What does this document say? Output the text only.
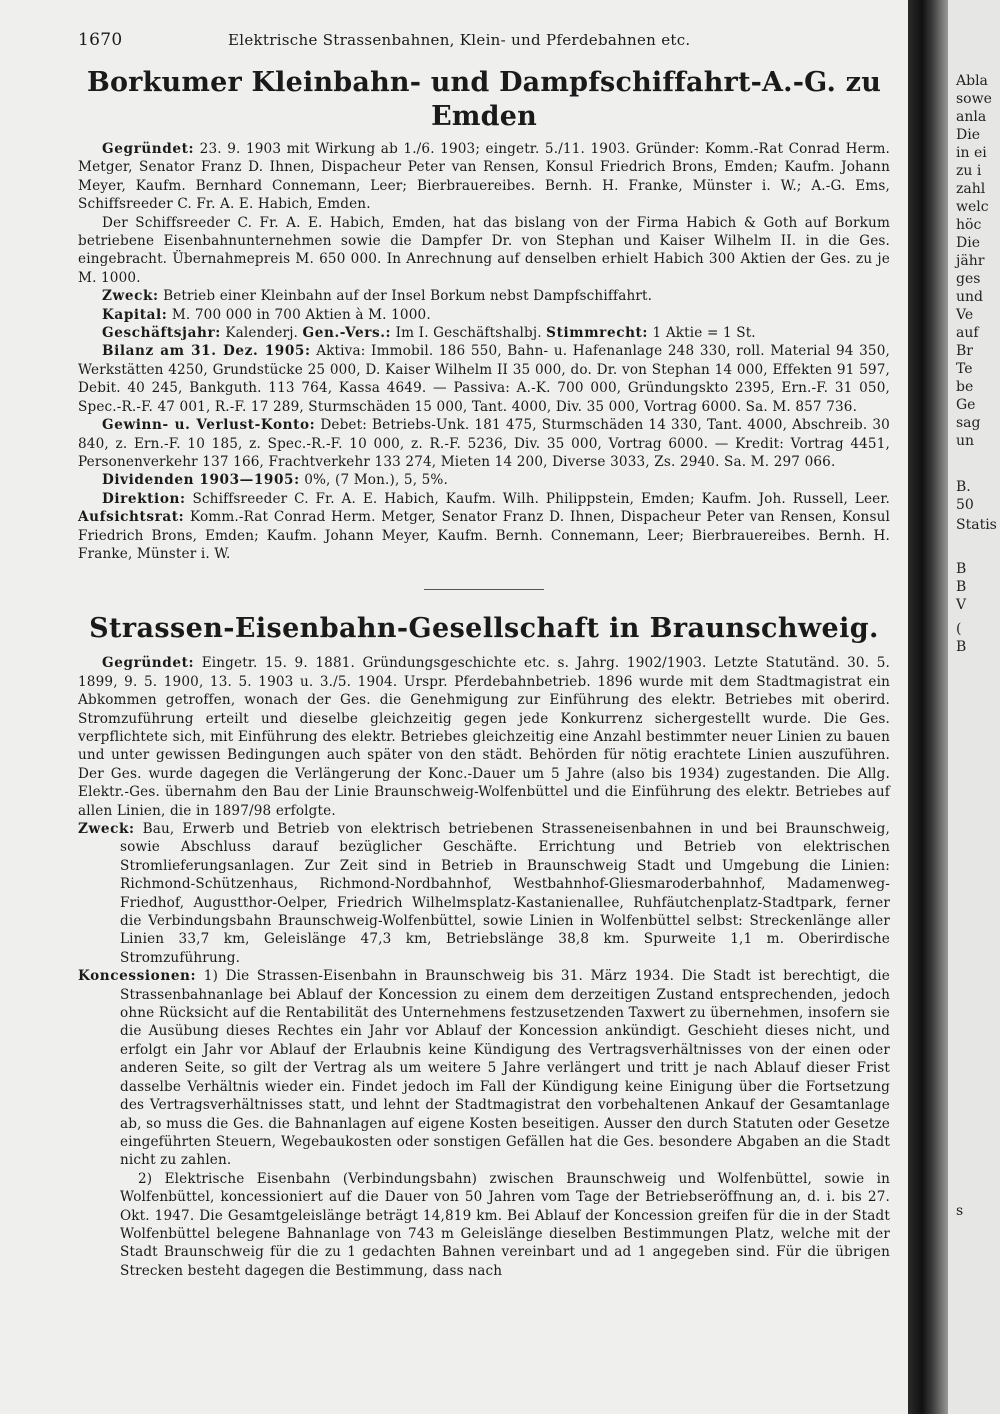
1670	Elektrische Strassenbahnen, Klein- und Pferdebahnen etc.
Borkumer Kleinbahn- und Dampfschiffahrt-A.-G. zu Emden

Gegründet: 23. 9. 1903 mit Wirkung ab 1./6. 1903; eingetr. 5./11. 1903. Gründer: Komm.-Rat Conrad Herm. Metger, Senator Franz D. Ihnen, Dispacheur Peter van Rensen, Konsul Friedrich Brons, Emden; Kaufm. Johann Meyer, Kaufm. Bernhard Connemann, Leer; Bierbrauereibes. Bernh. H. Franke, Münster i. W.; A.-G. Ems, Schiffsreeder C. Fr. A. E. Habich, Emden.

Der Schiffsreeder C. Fr. A. E. Habich, Emden, hat das bislang von der Firma Habich & Goth auf Borkum betriebene Eisenbahnunternehmen sowie die Dampfer Dr. von Stephan und Kaiser Wilhelm II. in die Ges. eingebracht. Übernahmepreis M. 650 000. In Anrechnung auf denselben erhielt Habich 300 Aktien der Ges. zu je M. 1000.

Zweck: Betrieb einer Kleinbahn auf der Insel Borkum nebst Dampfschiffahrt.

Kapital: M. 700 000 in 700 Aktien à M. 1000.

Geschäftsjahr: Kalenderj. Gen.-Vers.: Im I. Geschäftshalbj. Stimmrecht: 1 Aktie = 1 St.

Bilanz am 31. Dez. 1905: Aktiva: Immobil. 186 550, Bahn- u. Hafenanlage 248 330, roll. Material 94 350, Werkstätten 4250, Grundstücke 25 000, D. Kaiser Wilhelm II 35 000, do. Dr. von Stephan 14 000, Effekten 91 597, Debit. 40 245, Bankguth. 113 764, Kassa 4649. — Passiva: A.-K. 700 000, Gründungskto 2395, Ern.-F. 31 050, Spec.-R.-F. 47 001, R.-F. 17 289, Sturmschäden 15 000, Tant. 4000, Div. 35 000, Vortrag 6000. Sa. M. 857 736.

Gewinn- u. Verlust-Konto: Debet: Betriebs-Unk. 181 475, Sturmschäden 14 330, Tant. 4000, Abschreib. 30 840, z. Ern.-F. 10 185, z. Spec.-R.-F. 10 000, z. R.-F. 5236, Div. 35 000, Vortrag 6000. — Kredit: Vortrag 4451, Personenverkehr 137 166, Frachtverkehr 133 274, Mieten 14 200, Diverse 3033, Zs. 2940. Sa. M. 297 066.

Dividenden 1903—1905: 0%, (7 Mon.), 5, 5%.

Direktion: Schiffsreeder C. Fr. A. E. Habich, Kaufm. Wilh. Philippstein, Emden; Kaufm. Joh. Russell, Leer. Aufsichtsrat: Komm.-Rat Conrad Herm. Metger, Senator Franz D. Ihnen, Dispacheur Peter van Rensen, Konsul Friedrich Brons, Emden; Kaufm. Johann Meyer, Kaufm. Bernh. Connemann, Leer; Bierbrauereibes. Bernh. H. Franke, Münster i. W.

Strassen-Eisenbahn-Gesellschaft in Braunschweig.

Gegründet: Eingetr. 15. 9. 1881. Gründungsgeschichte etc. s. Jahrg. 1902/1903. Letzte Statutänd. 30. 5. 1899, 9. 5. 1900, 13. 5. 1903 u. 3./5. 1904. Urspr. Pferdebahnbetrieb. 1896 wurde mit dem Stadtmagistrat ein Abkommen getroffen, wonach der Ges. die Genehmigung zur Einführung des elektr. Betriebes mit oberird. Stromzuführung erteilt und dieselbe gleichzeitig gegen jede Konkurrenz sichergestellt wurde. Die Ges. verpflichtete sich, mit Einführung des elektr. Betriebes gleichzeitig eine Anzahl bestimmter neuer Linien zu bauen und unter gewissen Bedingungen auch später von den städt. Behörden für nötig erachtete Linien auszuführen. Der Ges. wurde dagegen die Verlängerung der Konc.-Dauer um 5 Jahre (also bis 1934) zugestanden. Die Allg. Elektr.-Ges. übernahm den Bau der Linie Braunschweig-Wolfenbüttel und die Einführung des elektr. Betriebes auf allen Linien, die in 1897/98 erfolgte.

Zweck: Bau, Erwerb und Betrieb von elektrisch betriebenen Strasseneisenbahnen in und bei Braunschweig, sowie Abschluss darauf bezüglicher Geschäfte. Errichtung und Betrieb von elektrischen Stromlieferungsanlagen. Zur Zeit sind in Betrieb in Braunschweig Stadt und Umgebung die Linien: Richmond-Schützenhaus, Richmond-Nordbahnhof, Westbahnhof-Gliesmaroderbahnhof, Madamenweg-Friedhof, Augustthor-Oelper, Friedrich Wilhelmsplatz-Kastanienallee, Ruhfäutchenplatz-Stadtpark, ferner die Verbindungsbahn Braunschweig-Wolfenbüttel, sowie Linien in Wolfenbüttel selbst: Streckenlänge aller Linien 33,7 km, Geleislänge 47,3 km, Betriebslänge 38,8 km. Spurweite 1,1 m. Oberirdische Stromzuführung.

Koncessionen: 1) Die Strassen-Eisenbahn in Braunschweig bis 31. März 1934. Die Stadt ist berechtigt, die Strassenbahnanlage bei Ablauf der Koncession zu einem dem derzeitigen Zustand entsprechenden, jedoch ohne Rücksicht auf die Rentabilität des Unternehmens festzusetzenden Taxwert zu übernehmen, insofern sie die Ausübung dieses Rechtes ein Jahr vor Ablauf der Koncession ankündigt. Geschieht dieses nicht, und erfolgt ein Jahr vor Ablauf der Erlaubnis keine Kündigung des Vertragsverhältnisses von der einen oder anderen Seite, so gilt der Vertrag als um weitere 5 Jahre verlängert und tritt je nach Ablauf dieser Frist dasselbe Verhältnis wieder ein. Findet jedoch im Fall der Kündigung keine Einigung über die Fortsetzung des Vertragsverhältnisses statt, und lehnt der Stadtmagistrat den vorbehaltenen Ankauf der Gesamtanlage ab, so muss die Ges. die Bahnanlagen auf eigene Kosten beseitigen. Ausser den durch Statuten oder Gesetze eingeführten Steuern, Wegebaukosten oder sonstigen Gefällen hat die Ges. besondere Abgaben an die Stadt nicht zu zahlen.

2) Elektrische Eisenbahn (Verbindungsbahn) zwischen Braunschweig und Wolfenbüttel, sowie in Wolfenbüttel, koncessioniert auf die Dauer von 50 Jahren vom Tage der Betriebseröffnung an, d. i. bis 27. Okt. 1947. Die Gesamtgeleislänge beträgt 14,819 km. Bei Ablauf der Koncession greifen für die in der Stadt Wolfenbüttel belegene Bahnanlage von 743 m Geleislänge dieselben Bestimmungen Platz, welche mit der Stadt Braunschweig für die zu 1 gedachten Bahnen vereinbart und ad 1 angegeben sind. Für die übrigen Strecken besteht dagegen die Bestimmung, dass nach

Abla
sowe
anla
Die
in ei
zu i
zahl
welc
höc
Die
jähr
ges
und
Ve
auf
Br
Te
be
Ge
sag
un
B.
50
Statis
B
B
V
(
B
s
